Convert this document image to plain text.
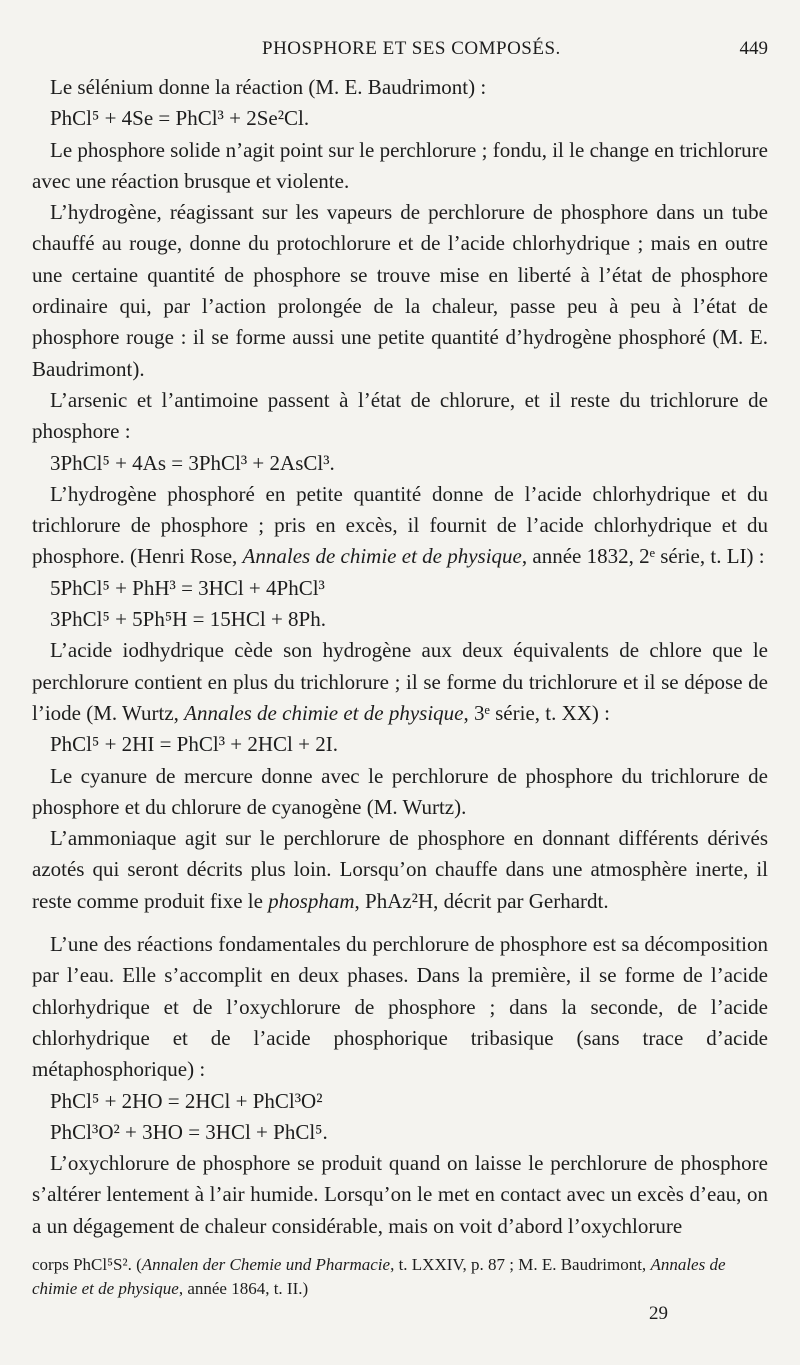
PHOSPHORE ET SES COMPOSÉS.	449

Le sélénium donne la réaction (M. E. Baudrimont) :

PhCl⁵ + 4Se = PhCl³ + 2Se²Cl.

Le phosphore solide n’agit point sur le perchlorure ; fondu, il le change en trichlorure avec une réaction brusque et violente.

L’hydrogène, réagissant sur les vapeurs de perchlorure de phosphore dans un tube chauffé au rouge, donne du protochlorure et de l’acide chlorhydrique ; mais en outre une certaine quantité de phosphore se trouve mise en liberté à l’état de phosphore ordinaire qui, par l’action prolongée de la chaleur, passe peu à peu à l’état de phosphore rouge : il se forme aussi une petite quantité d’hydrogène phosphoré (M. E. Baudrimont).

L’arsenic et l’antimoine passent à l’état de chlorure, et il reste du trichlorure de phosphore :

3PhCl⁵ + 4As = 3PhCl³ + 2AsCl³.

L’hydrogène phosphoré en petite quantité donne de l’acide chlorhydrique et du trichlorure de phosphore ; pris en excès, il fournit de l’acide chlorhydrique et du phosphore. (Henri Rose, Annales de chimie et de physique, année 1832, 2ᵉ série, t. LI) :

5PhCl⁵ + PhH³ = 3HCl + 4PhCl³

3PhCl⁵ + 5Ph⁵H = 15HCl + 8Ph.

L’acide iodhydrique cède son hydrogène aux deux équivalents de chlore que le perchlorure contient en plus du trichlorure ; il se forme du trichlorure et il se dépose de l’iode (M. Wurtz, Annales de chimie et de physique, 3ᵉ série, t. XX) :

PhCl⁵ + 2HI = PhCl³ + 2HCl + 2I.

Le cyanure de mercure donne avec le perchlorure de phosphore du trichlorure de phosphore et du chlorure de cyanogène (M. Wurtz).

L’ammoniaque agit sur le perchlorure de phosphore en donnant différents dérivés azotés qui seront décrits plus loin. Lorsqu’on chauffe dans une atmosphère inerte, il reste comme produit fixe le phospham, PhAz²H, décrit par Gerhardt.

L’une des réactions fondamentales du perchlorure de phosphore est sa décomposition par l’eau. Elle s’accomplit en deux phases. Dans la première, il se forme de l’acide chlorhydrique et de l’oxychlorure de phosphore ; dans la seconde, de l’acide chlorhydrique et de l’acide phosphorique tribasique (sans trace d’acide métaphosphorique) :

PhCl⁵ + 2HO = 2HCl + PhCl³O²

PhCl³O² + 3HO = 3HCl + PhCl⁵.

L’oxychlorure de phosphore se produit quand on laisse le perchlorure de phosphore s’altérer lentement à l’air humide. Lorsqu’on le met en contact avec un excès d’eau, on a un dégagement de chaleur considérable, mais on voit d’abord l’oxychlorure

corps PhCl⁵S². (Annalen der Chemie und Pharmacie, t. LXXIV, p. 87 ; M. E. Baudrimont, Annales de chimie et de physique, année 1864, t. II.)

29
